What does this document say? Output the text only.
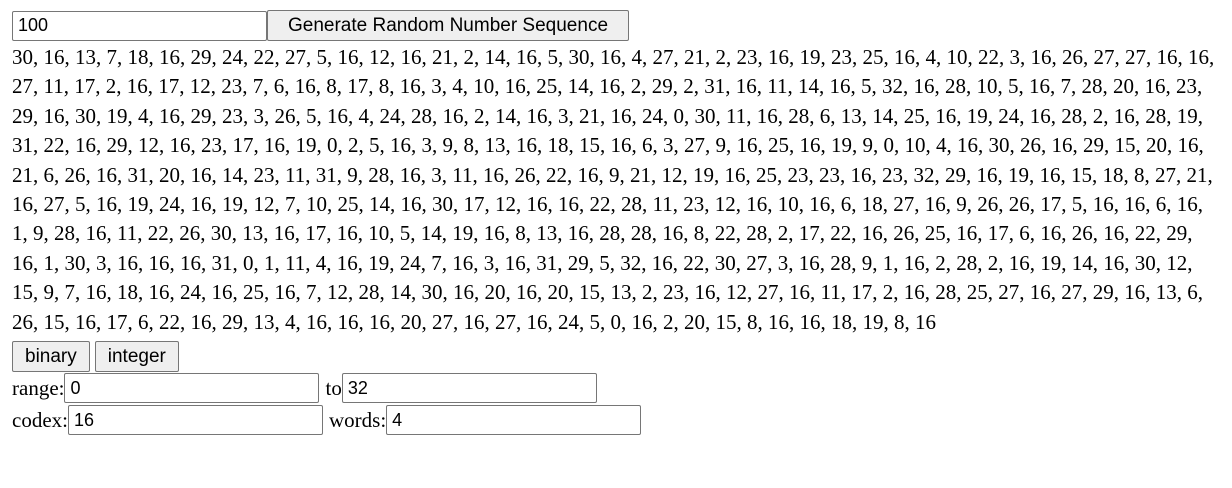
100
Generate Random Number Sequence
30, 16, 13, 7, 18, 16, 29, 24, 22, 27, 5, 16, 12, 16, 21, 2, 14, 16, 5, 30, 16, 4, 27, 21, 2, 23, 16, 19, 23, 25, 16, 4, 10, 22, 3, 16, 26, 27, 27, 16, 16, 27, 11, 17, 2, 16, 17, 12, 23, 7, 6, 16, 8, 17, 8, 16, 3, 4, 10, 16, 25, 14, 16, 2, 29, 2, 31, 16, 11, 14, 16, 5, 32, 16, 28, 10, 5, 16, 7, 28, 20, 16, 23, 29, 16, 30, 19, 4, 16, 29, 23, 3, 26, 5, 16, 4, 24, 28, 16, 2, 14, 16, 3, 21, 16, 24, 0, 30, 11, 16, 28, 6, 13, 14, 25, 16, 19, 24, 16, 28, 2, 16, 28, 19, 31, 22, 16, 29, 12, 16, 23, 17, 16, 19, 0, 2, 5, 16, 3, 9, 8, 13, 16, 18, 15, 16, 6, 3, 27, 9, 16, 25, 16, 19, 9, 0, 10, 4, 16, 30, 26, 16, 29, 15, 20, 16, 21, 6, 26, 16, 31, 20, 16, 14, 23, 11, 31, 9, 28, 16, 3, 11, 16, 26, 22, 16, 9, 21, 12, 19, 16, 25, 23, 23, 16, 23, 32, 29, 16, 19, 16, 15, 18, 8, 27, 21, 16, 27, 5, 16, 19, 24, 16, 19, 12, 7, 10, 25, 14, 16, 30, 17, 12, 16, 16, 22, 28, 11, 23, 12, 16, 10, 16, 6, 18, 27, 16, 9, 26, 26, 17, 5, 16, 16, 6, 16, 1, 9, 28, 16, 11, 22, 26, 30, 13, 16, 17, 16, 10, 5, 14, 19, 16, 8, 13, 16, 28, 28, 16, 8, 22, 28, 2, 17, 22, 16, 26, 25, 16, 17, 6, 16, 26, 16, 22, 29, 16, 1, 30, 3, 16, 16, 16, 31, 0, 1, 11, 4, 16, 19, 24, 7, 16, 3, 16, 31, 29, 5, 32, 16, 22, 30, 27, 3, 16, 28, 9, 1, 16, 2, 28, 2, 16, 19, 14, 16, 30, 12, 15, 9, 7, 16, 18, 16, 24, 16, 25, 16, 7, 12, 28, 14, 30, 16, 20, 16, 20, 15, 13, 2, 23, 16, 12, 27, 16, 11, 17, 2, 16, 28, 25, 27, 16, 27, 29, 16, 13, 6, 26, 15, 16, 17, 6, 22, 16, 29, 13, 4, 16, 16, 16, 20, 27, 16, 27, 16, 24, 5, 0, 16, 2, 20, 15, 8, 16, 16, 18, 19, 8, 16
binary	integer
range:
0	to
32
codex:
16	words:
4
